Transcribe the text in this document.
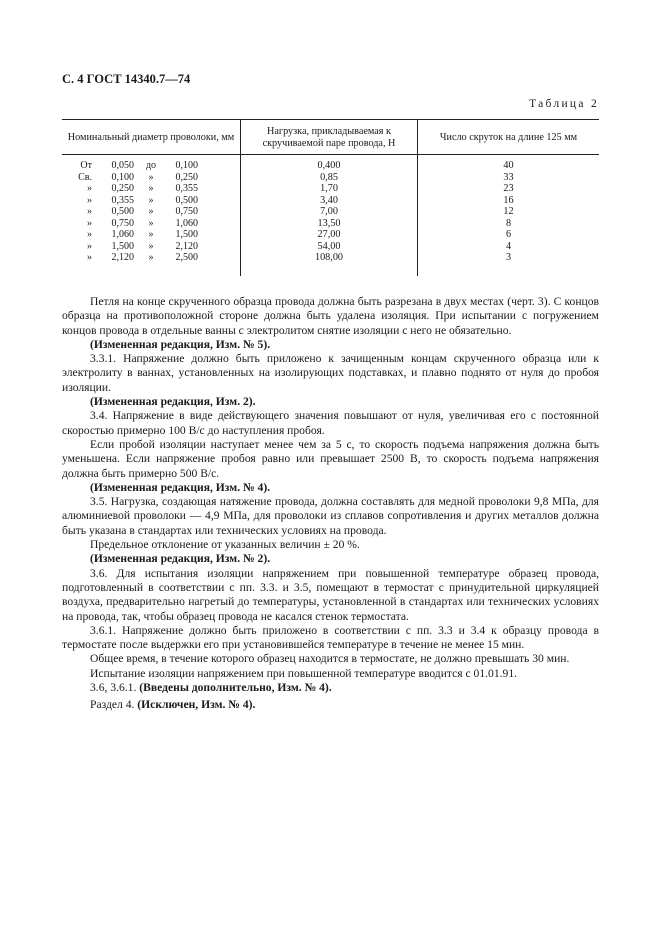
С. 4 ГОСТ 14340.7—74
Таблица 2
Номинальный диаметр проволоки, мм	Нагрузка, прикладываемая к скручиваемой паре провода, Н	Число скруток на длине 125 мм

От 0,050 до 0,100	0,400	40

Св. 0,100 » 0,250	0,85	33

» 0,250 » 0,355	1,70	23

» 0,355 » 0,500	3,40	16

» 0,500 » 0,750	7,00	12

» 0,750 » 1,060	13,50	8

» 1,060 » 1,500	27,00	6

» 1,500 » 2,120	54,00	4

» 2,120 » 2,500	108,00	3

Петля на конце скрученного образца провода должна быть разрезана в двух местах (черт. 3). С концов образца на противоположной стороне должна быть удалена изоляция. При испытании с погружением концов провода в отдельные ванны с электролитом снятие изоляции с него не обязательно.

(Измененная редакция, Изм. № 5).

3.3.1. Напряжение должно быть приложено к зачищенным концам скрученного образца или к электролиту в ваннах, установленных на изолирующих подставках, и плавно поднято от нуля до пробоя изоляции.

(Измененная редакция, Изм. 2).

3.4. Напряжение в виде действующего значения повышают от нуля, увеличивая его с постоянной скоростью примерно 100 В/с до наступления пробоя.

Если пробой изоляции наступает менее чем за 5 с, то скорость подъема напряжения должна быть уменьшена. Если напряжение пробоя равно или превышает 2500 В, то скорость подъема напряжения должна быть примерно 500 В/с.

(Измененная редакция, Изм. № 4).

3.5. Нагрузка, создающая натяжение провода, должна составлять для медной проволоки 9,8 МПа, для алюминиевой проволоки — 4,9 МПа, для проволоки из сплавов сопротивления и других металлов должна быть указана в стандартах или технических условиях на провода.

Предельное отклонение от указанных величин ± 20 %.

(Измененная редакция, Изм. № 2).

3.6. Для испытания изоляции напряжением при повышенной температуре образец провода, подготовленный в соответствии с пп. 3.3. и 3.5, помещают в термостат с принудительной циркуляцией воздуха, предварительно нагретый до температуры, установленной в стандартах или технических условиях на провода, так, чтобы образец провода не касался стенок термостата.

3.6.1. Напряжение должно быть приложено в соответствии с пп. 3.3 и 3.4 к образцу провода в термостате после выдержки его при установившейся температуре в течение не менее 15 мин.

Общее время, в течение которого образец находится в термостате, не должно превышать 30 мин.

Испытание изоляции напряжением при повышенной температуре вводится с 01.01.91.

3.6, 3.6.1. (Введены дополнительно, Изм. № 4).

Раздел 4. (Исключен, Изм. № 4).
